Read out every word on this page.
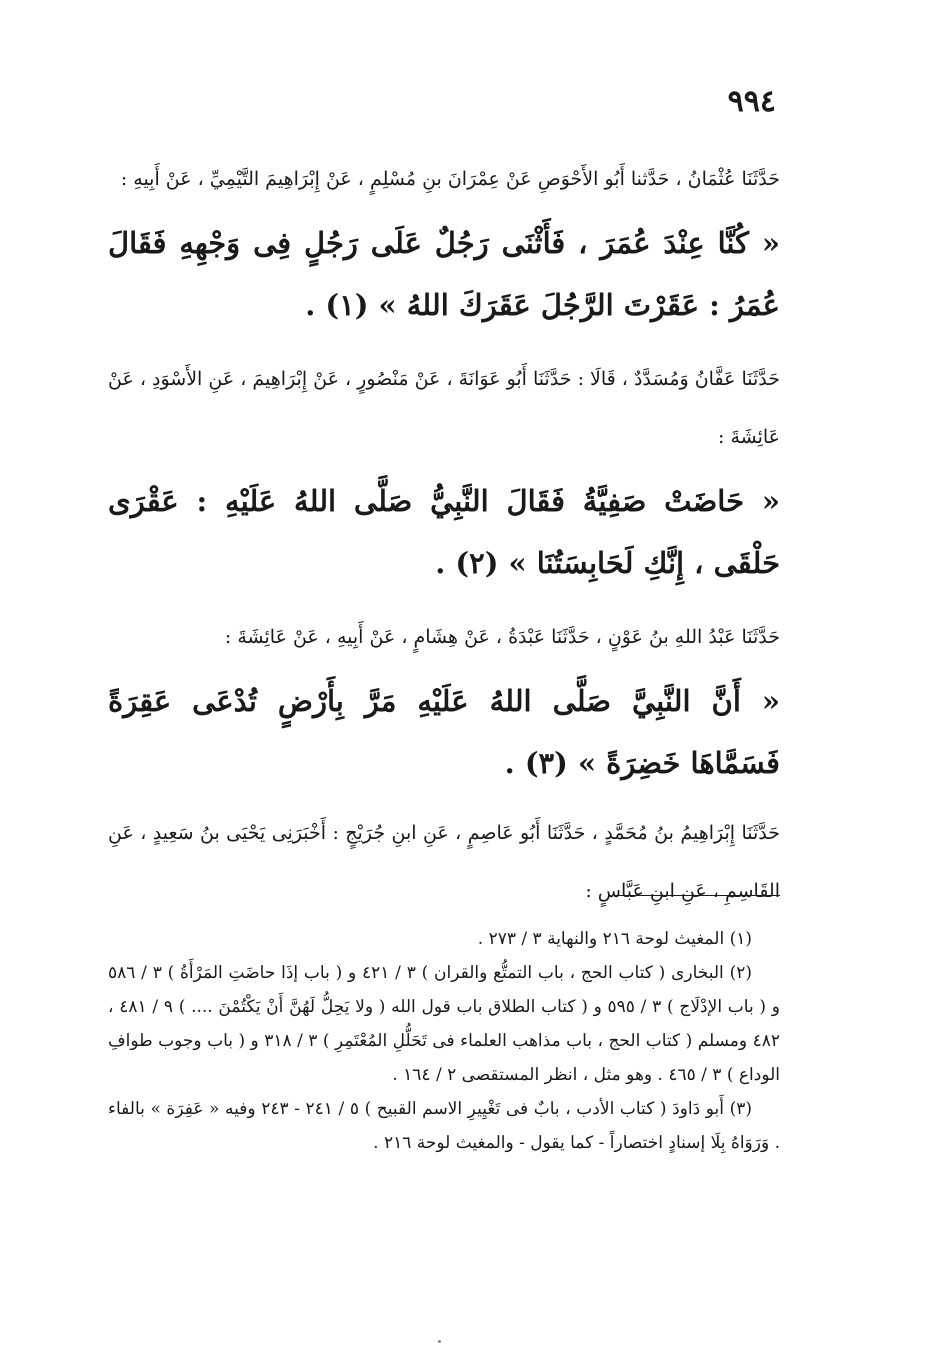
٩٩٤

حَدَّثَنَا عُثْمَانُ ، حَدَّثنا أَبُو الأَحْوَصِ عَنْ عِمْرَانَ بنِ مُسْلِمٍ ، عَنْ إِبْرَاهِيمَ التَّيْمِيِّ ، عَنْ أَبِيهِ :

« كُنَّا عِنْدَ عُمَرَ ، فَأَثْنَى رَجُلٌ عَلَى رَجُلٍ فِى وَجْهِهِ فَقَالَ عُمَرُ : عَقَرْتَ الرَّجُلَ عَقَرَكَ اللهُ » (١) .

حَدَّثَنَا عَفَّانُ وَمُسَدَّدٌ ، قَالَا : حَدَّثَنَا أَبُو عَوَانَةَ ، عَنْ مَنْصُورٍ ، عَنْ إِبْرَاهِيمَ ، عَنِ الأَسْوَدِ ، عَنْ عَائِشَةَ :

« حَاضَتْ صَفِيَّةُ فَقَالَ النَّبِيُّ صَلَّى اللهُ عَلَيْهِ : عَقْرَى حَلْقَى ، إِنَّكِ لَحَابِسَتُنَا » (٢) .

حَدَّثَنَا عَبْدُ اللهِ بنُ عَوْنٍ ، حَدَّثَنَا عَبْدَةُ ، عَنْ هِشَامٍ ، عَنْ أَبِيهِ ، عَنْ عَائِشَةَ :

« أَنَّ النَّبِيَّ صَلَّى اللهُ عَلَيْهِ مَرَّ بِأَرْضٍ تُدْعَى عَقِرَةً فَسَمَّاهَا خَضِرَةً » (٣) .

حَدَّثَنَا إِبْرَاهِيمُ بنُ مُحَمَّدٍ ، حَدَّثَنَا أَبُو عَاصِمٍ ، عَنِ ابنِ جُرَيْجٍ : أَخْبَرَنِى يَحْيَى بنُ سَعِيدٍ ، عَنِ القَاسِمِ ، عَنِ ابنِ عَبَّاسٍ :

(١) المغيث لوحة ٢١٦ والنهاية ٣ / ٢٧٣ .

(٢) البخارى ( كتاب الحج ، باب التمتُّع والقران ) ٣ / ٤٢١ و ( باب إذَا حاضَتِ المَرْأَةُ ) ٣ / ٥٨٦ و ( باب الإدْلَاج ) ٣ / ٥٩٥ و ( كتاب الطلاق باب قول الله ( ولا يَحِلُّ لَهُنَّ أَنْ يَكْتُمْنَ .... ) ٩ / ٤٨١ ، ٤٨٢ ومسلم ( كتاب الحج ، باب مذاهب العلماء فى تَحَلُّلِ المُعْتَمِرِ ) ٣ / ٣١٨ و ( باب وجوب طوافِ الوداع ) ٣ / ٤٦٥ . وهو مثل ، انظر المستقصى ٢ / ١٦٤ .

(٣) أَبو دَاودَ ( كتاب الأدب ، بابٌ فى تَغْيِيرِ الاسم القبيح ) ٥ / ٢٤١ - ٢٤٣ وفيه « عَفِرَة » بالفاء . وَرَوَاهُ بِلَا إسنادٍ اختصاراً - كما يقول - والمغيث لوحة ٢١٦ .
